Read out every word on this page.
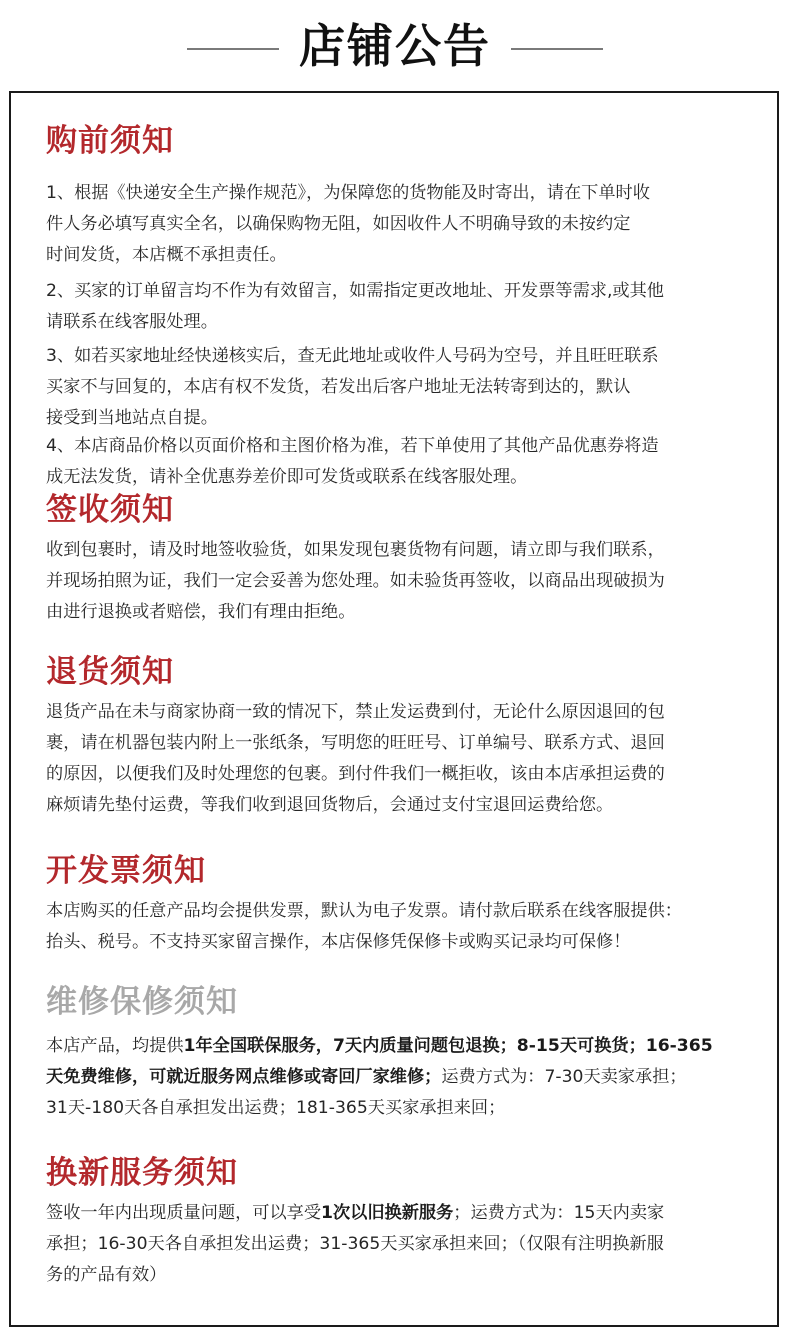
店铺公告
购前须知
1、根据《快递安全生产操作规范》，为保障您的货物能及时寄出，请在下单时收
件人务必填写真实全名，以确保购物无阻，如因收件人不明确导致的未按约定
时间发货，本店概不承担责任。
2、买家的订单留言均不作为有效留言，如需指定更改地址、开发票等需求,或其他
请联系在线客服处理。
3、如若买家地址经快递核实后，查无此地址或收件人号码为空号，并且旺旺联系
买家不与回复的，本店有权不发货，若发出后客户地址无法转寄到达的，默认
接受到当地站点自提。
4、本店商品价格以页面价格和主图价格为准，若下单使用了其他产品优惠券将造
成无法发货，请补全优惠券差价即可发货或联系在线客服处理。
签收须知
收到包裹时，请及时地签收验货，如果发现包裹货物有问题，请立即与我们联系，
并现场拍照为证，我们一定会妥善为您处理。如未验货再签收，以商品出现破损为
由进行退换或者赔偿，我们有理由拒绝。
退货须知
退货产品在未与商家协商一致的情况下，禁止发运费到付，无论什么原因退回的包
裹，请在机器包装内附上一张纸条，写明您的旺旺号、订单编号、联系方式、退回
的原因，以便我们及时处理您的包裹。到付件我们一概拒收，该由本店承担运费的
麻烦请先垫付运费，等我们收到退回货物后，会通过支付宝退回运费给您。
开发票须知
本店购买的任意产品均会提供发票，默认为电子发票。请付款后联系在线客服提供：
抬头、税号。不支持买家留言操作，本店保修凭保修卡或购买记录均可保修！
维修保修须知
本店产品，均提供1年全国联保服务，7天内质量问题包退换；8-15天可换货；16-365
天免费维修，可就近服务网点维修或寄回厂家维修；运费方式为：7-30天卖家承担；
31天-180天各自承担发出运费；181-365天买家承担来回；
换新服务须知
签收一年内出现质量问题，可以享受1次以旧换新服务；运费方式为：15天内卖家
承担；16-30天各自承担发出运费；31-365天买家承担来回；（仅限有注明换新服
务的产品有效）
